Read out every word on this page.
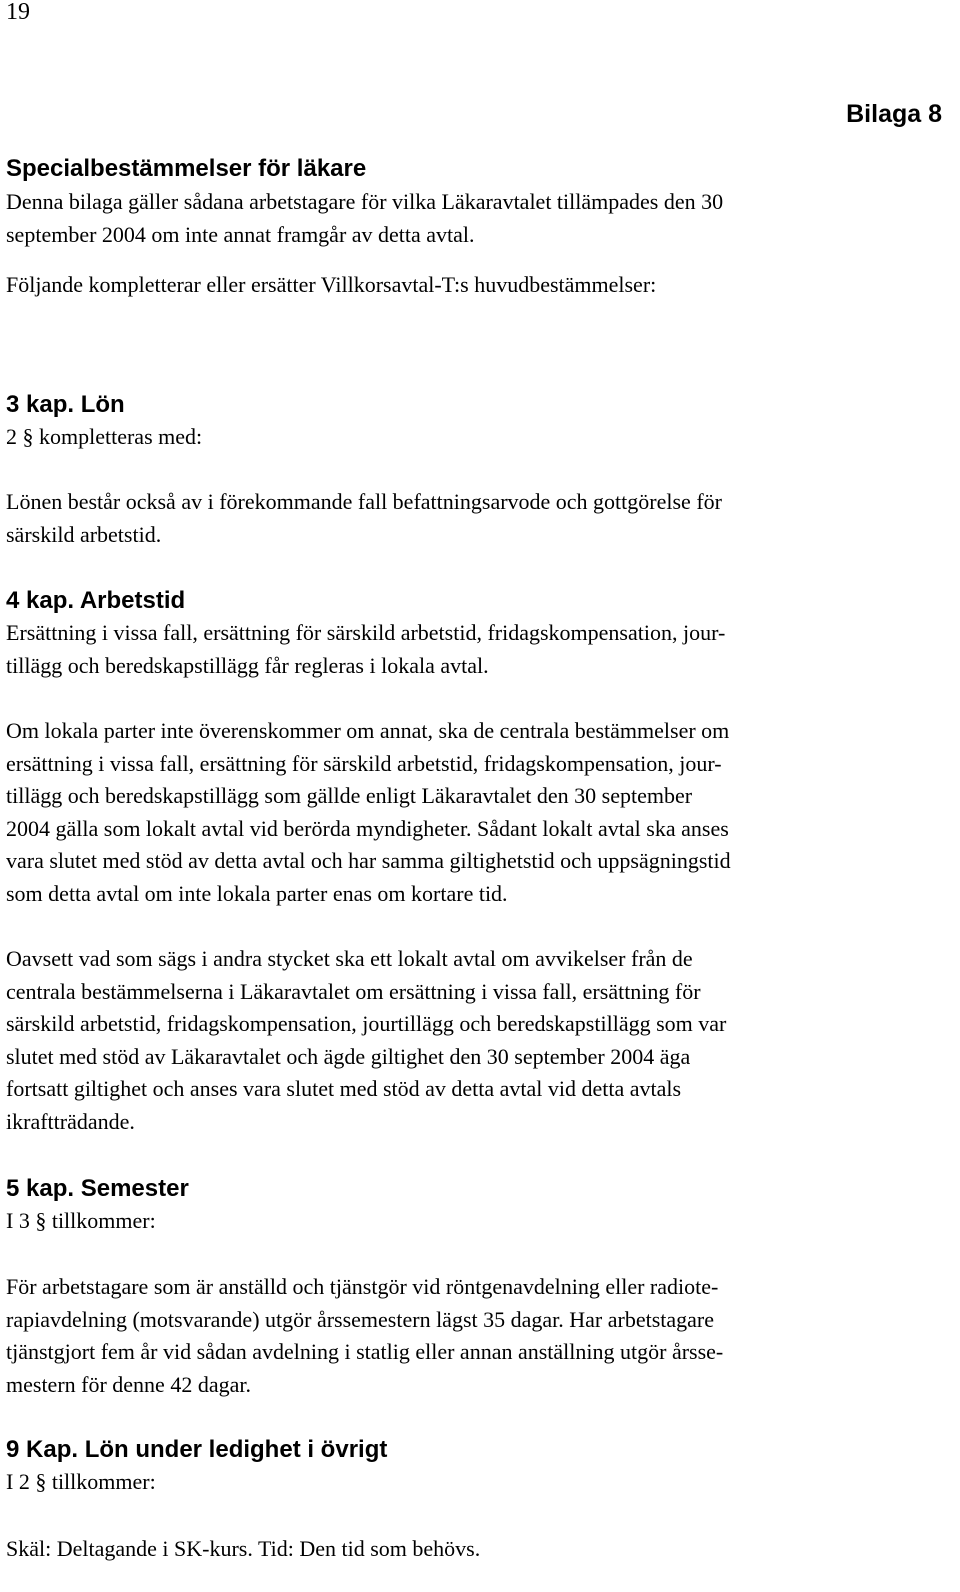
19
Bilaga 8
Specialbestämmelser för läkare
Denna bilaga gäller sådana arbetstagare för vilka Läkaravtalet tillämpades den 30
september 2004 om inte annat framgår av detta avtal.
Följande kompletterar eller ersätter Villkorsavtal-T:s huvudbestämmelser:
3 kap. Lön
2 § kompletteras med:
Lönen består också av i förekommande fall befattningsarvode och gottgörelse för
särskild arbetstid.
4 kap. Arbetstid
Ersättning i vissa fall, ersättning för särskild arbetstid, fridagskompensation, jour-
tillägg och beredskapstillägg får regleras i lokala avtal.
Om lokala parter inte överenskommer om annat, ska de centrala bestämmelser om
ersättning i vissa fall, ersättning för särskild arbetstid, fridagskompensation, jour-
tillägg och beredskapstillägg som gällde enligt Läkaravtalet den 30 september
2004 gälla som lokalt avtal vid berörda myndigheter. Sådant lokalt avtal ska anses
vara slutet med stöd av detta avtal och har samma giltighetstid och uppsägningstid
som detta avtal om inte lokala parter enas om kortare tid.
Oavsett vad som sägs i andra stycket ska ett lokalt avtal om avvikelser från de
centrala bestämmelserna i Läkaravtalet om ersättning i vissa fall, ersättning för
särskild arbetstid, fridagskompensation, jourtillägg och beredskapstillägg som var
slutet med stöd av Läkaravtalet och ägde giltighet den 30 september 2004 äga
fortsatt giltighet och anses vara slutet med stöd av detta avtal vid detta avtals
ikraftträdande.
5 kap. Semester
I 3 § tillkommer:
För arbetstagare som är anställd och tjänstgör vid röntgenavdelning eller radiote-
rapiavdelning (motsvarande) utgör årssemestern lägst 35 dagar. Har arbetstagare
tjänstgjort fem år vid sådan avdelning i statlig eller annan anställning utgör årsse-
mestern för denne 42 dagar.
9 Kap. Lön under ledighet i övrigt
I 2 § tillkommer:
Skäl: Deltagande i SK-kurs. Tid: Den tid som behövs.
